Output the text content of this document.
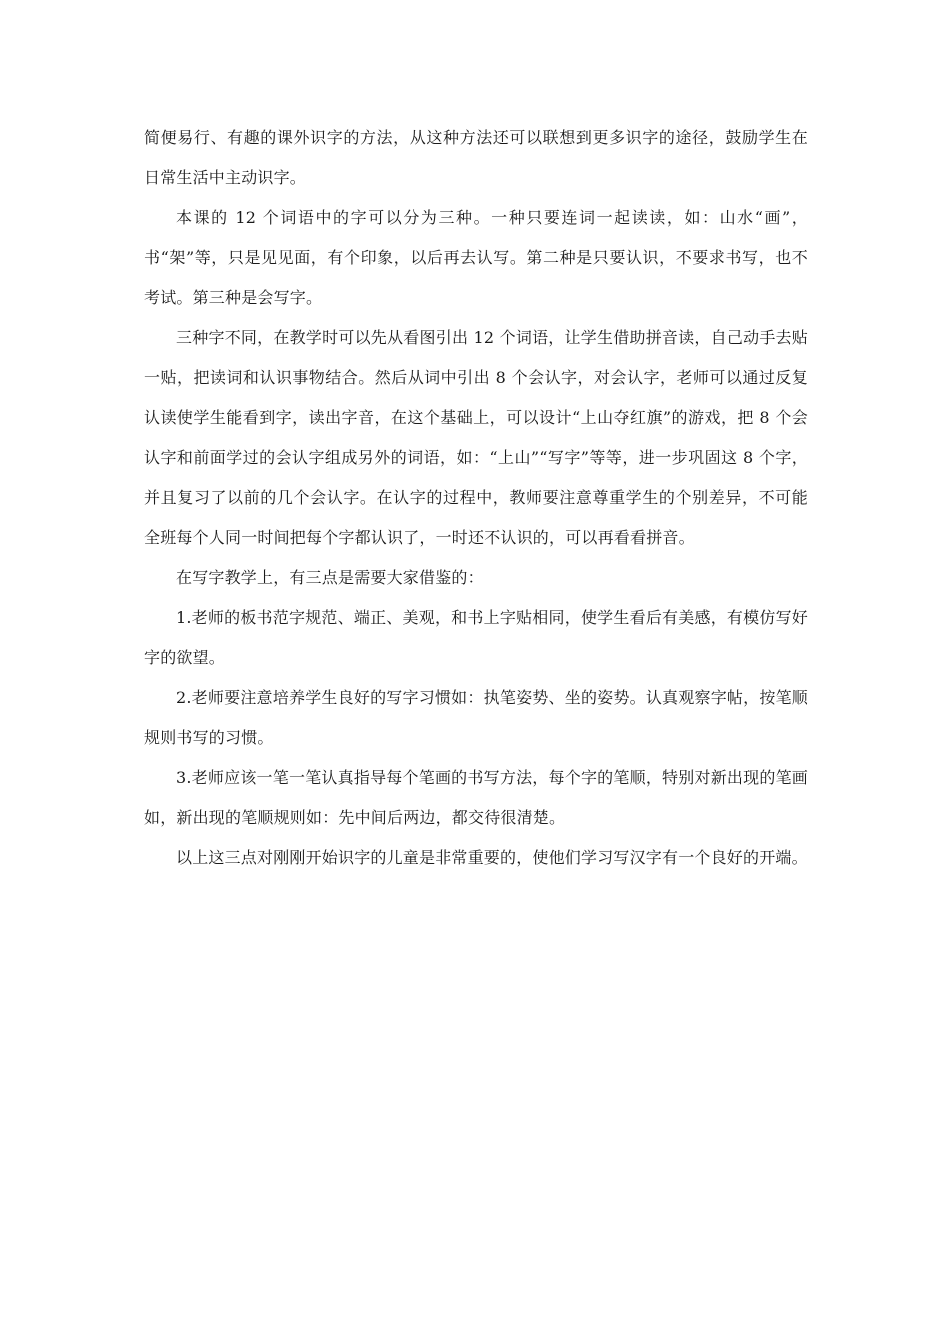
简便易行、有趣的课外识字的方法，从这种方法还可以联想到更多识字的途径，鼓励学生在日常生活中主动识字。

本课的 12 个词语中的字可以分为三种。一种只要连词一起读读，如：山水“画”，书“架”等，只是见见面，有个印象，以后再去认写。第二种是只要认识，不要求书写，也不考试。第三种是会写字。

三种字不同，在教学时可以先从看图引出 12 个词语，让学生借助拼音读，自己动手去贴一贴，把读词和认识事物结合。然后从词中引出 8 个会认字，对会认字，老师可以通过反复认读使学生能看到字，读出字音，在这个基础上，可以设计“上山夺红旗”的游戏，把 8 个会认字和前面学过的会认字组成另外的词语，如：“上山”“写字”等等，进一步巩固这 8 个字，并且复习了以前的几个会认字。在认字的过程中，教师要注意尊重学生的个别差异，不可能全班每个人同一时间把每个字都认识了，一时还不认识的，可以再看看拼音。

在写字教学上，有三点是需要大家借鉴的：

1.老师的板书范字规范、端正、美观，和书上字贴相同，使学生看后有美感，有模仿写好字的欲望。

2.老师要注意培养学生良好的写字习惯如：执笔姿势、坐的姿势。认真观察字帖，按笔顺规则书写的习惯。

3.老师应该一笔一笔认真指导每个笔画的书写方法，每个字的笔顺，特别对新出现的笔画如，新出现的笔顺规则如：先中间后两边，都交待很清楚。

以上这三点对刚刚开始识字的儿童是非常重要的，使他们学习写汉字有一个良好的开端。
